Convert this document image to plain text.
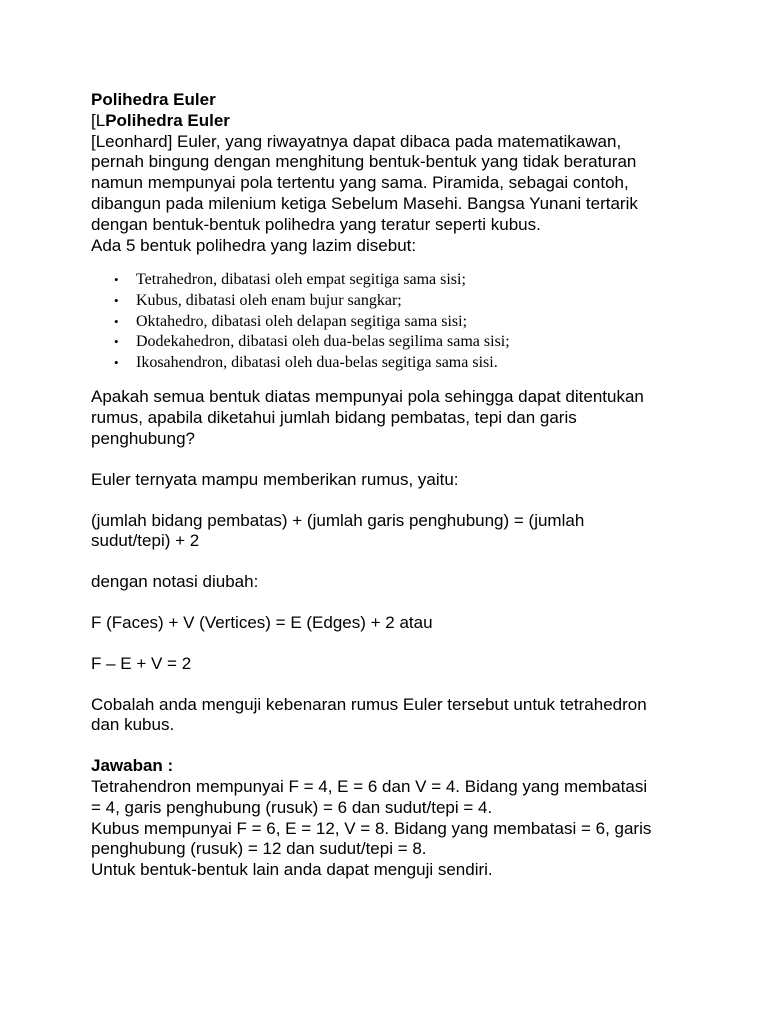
Polihedra Euler
[LPolihedra Euler
[Leonhard] Euler, yang riwayatnya dapat dibaca pada matematikawan,
pernah bingung dengan menghitung bentuk-bentuk yang tidak beraturan
namun mempunyai pola tertentu yang sama. Piramida, sebagai contoh,
dibangun pada milenium ketiga Sebelum Masehi. Bangsa Yunani tertarik
dengan bentuk-bentuk polihedra yang teratur seperti kubus.
Ada 5 bentuk polihedra yang lazim disebut:
• Tetrahedron, dibatasi oleh empat segitiga sama sisi;
• Kubus, dibatasi oleh enam bujur sangkar;
• Oktahedro, dibatasi oleh delapan segitiga sama sisi;
• Dodekahedron, dibatasi oleh dua-belas segilima sama sisi;
• Ikosahendron, dibatasi oleh dua-belas segitiga sama sisi.
Apakah semua bentuk diatas mempunyai pola sehingga dapat ditentukan
rumus, apabila diketahui jumlah bidang pembatas, tepi dan garis
penghubung?
Euler ternyata mampu memberikan rumus, yaitu:
(jumlah bidang pembatas) + (jumlah garis penghubung) = (jumlah
sudut/tepi) + 2
dengan notasi diubah:
F (Faces) + V (Vertices) = E (Edges) + 2 atau
F – E + V = 2
Cobalah anda menguji kebenaran rumus Euler tersebut untuk tetrahedron
dan kubus.
Jawaban :
Tetrahendron mempunyai F = 4, E = 6 dan V = 4. Bidang yang membatasi
= 4, garis penghubung (rusuk) = 6 dan sudut/tepi = 4.
Kubus mempunyai F = 6, E = 12, V = 8. Bidang yang membatasi = 6, garis
penghubung (rusuk) = 12 dan sudut/tepi = 8.
Untuk bentuk-bentuk lain anda dapat menguji sendiri.
